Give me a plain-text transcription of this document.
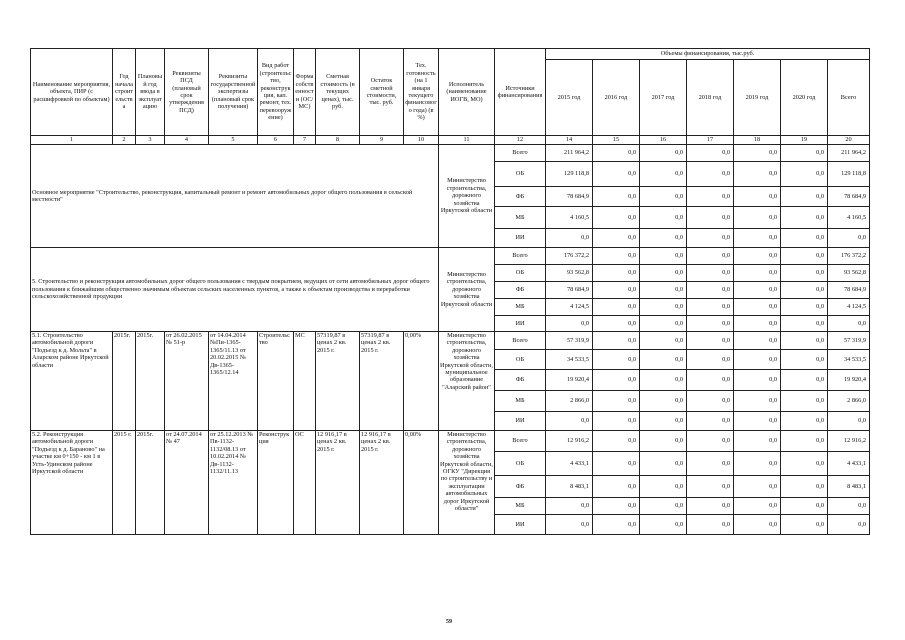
Наименование мероприятия, объекта, ПИР (с расшифровкой по объектам)	Год начала строительства	Плановый год ввода в эксплуатацию	Реквизиты ПСД (плановый срок утверждения ПСД)	Реквизиты государственной экспертизы (плановый срок получения)	Вид работ (строительство, реконструкция, кап. ремонт, тех. перевооружение)	Форма собственности (ОС/МС)	Сметная стоимость (в текущих ценах), тыс. руб.	Остаток сметной стоимости, тыс. руб.	Тех. готовность (на 1 января текущего финансового года) (в %)	Исполнитель (наименование ИОГВ, МО)	Источники финансирования	Объемы финансирования, тыс.руб.						
												2015 год	2016 год	2017 год	2018 год	2019 год	2020 год	Всего
1	2	3	4	5	6	7	8	9	10	11	12	14	15	16	17	18	19	20
Основное мероприятие "Строительство, реконструкция, капитальный ремонт и ремонт автомобильных дорог общего пользования в сельской местности"										Министерство строительства, дорожного хозяйства Иркутской области	Всего	211 964,2	0,0	0,0	0,0	0,0	0,0	211 964,2
											ОБ	129 118,8	0,0	0,0	0,0	0,0	0,0	129 118,8
											ФБ	78 684,9	0,0	0,0	0,0	0,0	0,0	78 684,9
											МБ	4 160,5	0,0	0,0	0,0	0,0	0,0	4 160,5
											ИИ	0,0	0,0	0,0	0,0	0,0	0,0	0,0
5. Строительство и реконструкция автомобильных дорог общего пользования с твердым покрытием, ведущих от сети автомобильных дорог общего пользования к ближайшим общественно значимым объектам сельских населенных пунктов, а также к объектам производства и переработки сельскохозяйственной продукции										Министерство строительства, дорожного хозяйства Иркутской области	Всего	176 372,2	0,0	0,0	0,0	0,0	0,0	176 372,2
											ОБ	93 562,8	0,0	0,0	0,0	0,0	0,0	93 562,8
											ФБ	78 684,9	0,0	0,0	0,0	0,0	0,0	78 684,9
											МБ	4 124,5	0,0	0,0	0,0	0,0	0,0	4 124,5
											ИИ	0,0	0,0	0,0	0,0	0,0	0,0	0,0
5.1. Строительство автомобильной дороги "Подъезд к д. Мольта" в Аларском районе Иркутской области	2015г.	2015г.	от 26.02.2015 № 51-р	от 14.04.2014 №Пи-1365-1365/11.13 от 20.02.2015 № Дв-1365-1365/12.14	Строительство	МС	57319,87 в ценах 2 кв. 2015 г.	57319,87 в ценах 2 кв. 2015 г.	0,00%	Министерство строительства, дорожного хозяйства Иркутской области, муниципальное образование "Аларский район"	Всего	57 319,9	0,0	0,0	0,0	0,0	0,0	57 319,9
											ОБ	34 533,5	0,0	0,0	0,0	0,0	0,0	34 533,5
											ФБ	19 920,4	0,0	0,0	0,0	0,0	0,0	19 920,4
											МБ	2 866,0	0,0	0,0	0,0	0,0	0,0	2 866,0
											ИИ	0,0	0,0	0,0	0,0	0,0	0,0	0,0
5.2. Реконструкция автомобильной дороги "Подъезд к д. Бараново" на участке км 0+150 - км 1 в Усть-Удинском районе Иркутской области	2015 г.	2015г.	от 24.07.2014 № 47	от 25.12.2013 № Пв-1132-1132/08.13 от 10.02.2014 № Дв-1132-1132/11.13	Реконструкция	ОС	12 916,17 в ценах 2 кв. 2015 г.	12 916,17 в ценах 2 кв. 2015 г.	0,00%	Министерство строительства, дорожного хозяйства Иркутской области, ОГКУ "Дирекция по строительству и эксплуатации автомобильных дорог Иркутской области"	Всего	12 916,2	0,0	0,0	0,0	0,0	0,0	12 916,2
											ОБ	4 433,1	0,0	0,0	0,0	0,0	0,0	4 433,1
											ФБ	8 483,1	0,0	0,0	0,0	0,0	0,0	8 483,1
											МБ	0,0	0,0	0,0	0,0	0,0	0,0	0,0
											ИИ	0,0	0,0	0,0	0,0	0,0	0,0	0,0
59
